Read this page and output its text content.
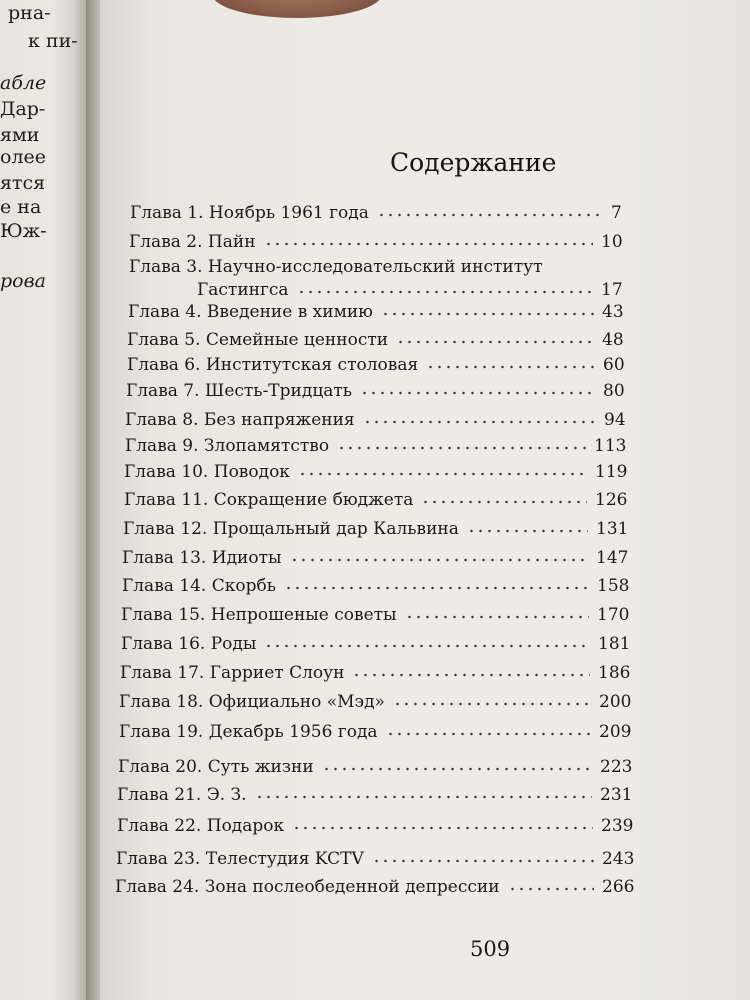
рна-
к пи-
абле
Дар-
ями
олее
ятся
е на
Юж-
рова
Содержание
Глава 1. Ноябрь 1961 года	7
Глава 2. Пайн	10
Глава 3. Научно-исследовательский институт
Гастингса	17
Глава 4. Введение в химию	43
Глава 5. Семейные ценности	48
Глава 6. Институтская столовая	60
Глава 7. Шесть-Тридцать	80
Глава 8. Без напряжения	94
Глава 9. Злопамятство	113
Глава 10. Поводок	119
Глава 11. Сокращение бюджета	126
Глава 12. Прощальный дар Кальвина	131
Глава 13. Идиоты	147
Глава 14. Скорбь	158
Глава 15. Непрошеные советы	170
Глава 16. Роды	181
Глава 17. Гарриет Слоун	186
Глава 18. Официально «Мэд»	200
Глава 19. Декабрь 1956 года	209
Глава 20. Суть жизни	223
Глава 21. Э. З.	231
Глава 22. Подарок	239
Глава 23. Телестудия KCTV	243
Глава 24. Зона послеобеденной депрессии	266
509
